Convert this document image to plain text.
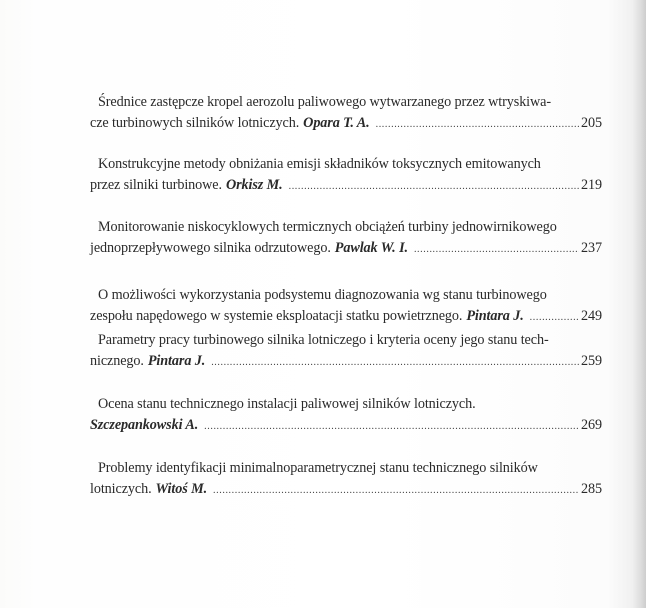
Średnice zastępcze kropel aerozolu paliwowego wytwarzanego przez wtryskiwa-
cze turbinowych silników lotniczych. Opara T. A. .....	205
Konstrukcyjne metody obniżania emisji składników toksycznych emitowanych
przez silniki turbinowe. Orkisz M. .....	219
Monitorowanie niskocyklowych termicznych obciążeń turbiny jednowirnikowego
jednoprzepływowego silnika odrzutowego. Pawlak W. I. .....	237
O możliwości wykorzystania podsystemu diagnozowania wg stanu turbinowego
zespołu napędowego w systemie eksploatacji statku powietrznego. Pintara J. .....	249
Parametry pracy turbinowego silnika lotniczego i kryteria oceny jego stanu tech-
nicznego. Pintara J. .....	259
Ocena stanu technicznego instalacji paliwowej silników lotniczych.
Szczepankowski A. .....	269
Problemy identyfikacji minimalnoparametrycznej stanu technicznego silników
lotniczych. Witoś M. .....	285
